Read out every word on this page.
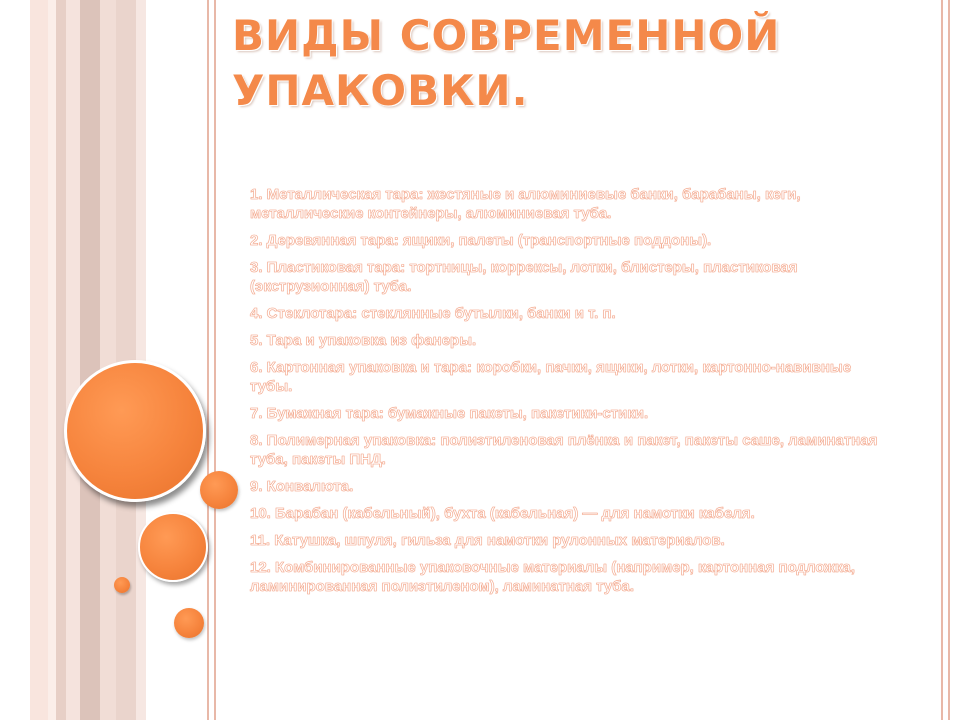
ВИДЫ СОВРЕМЕННОЙ УПАКОВКИ.
1. Металлическая тара: жестяные и алюминиевые банки, барабаны, кеги, металлические контейнеры, алюминиевая туба.
2. Деревянная тара: ящики, палеты (транспортные поддоны).
3. Пластиковая тара: тортницы, коррексы, лотки, блистеры, пластиковая (экструзионная) туба.
4. Стеклотара: стеклянные бутылки, банки и т. п.
5. Тара и упаковка из фанеры.
6. Картонная упаковка и тара: коробки, пачки, ящики, лотки, картонно-навивные тубы.
7. Бумажная тара: бумажные пакеты, пакетики-стики.
8. Полимерная упаковка: полиэтиленовая плёнка и пакет, пакеты саше, ламинатная туба, пакеты ПНД.
9. Конвалюта.
10. Барабан (кабельный), бухта (кабельная) — для намотки кабеля.
11. Катушка, шпуля, гильза для намотки рулонных материалов.
12. Комбинированные упаковочные материалы (например, картонная подложка, ламинированная полиэтиленом), ламинатная туба.
